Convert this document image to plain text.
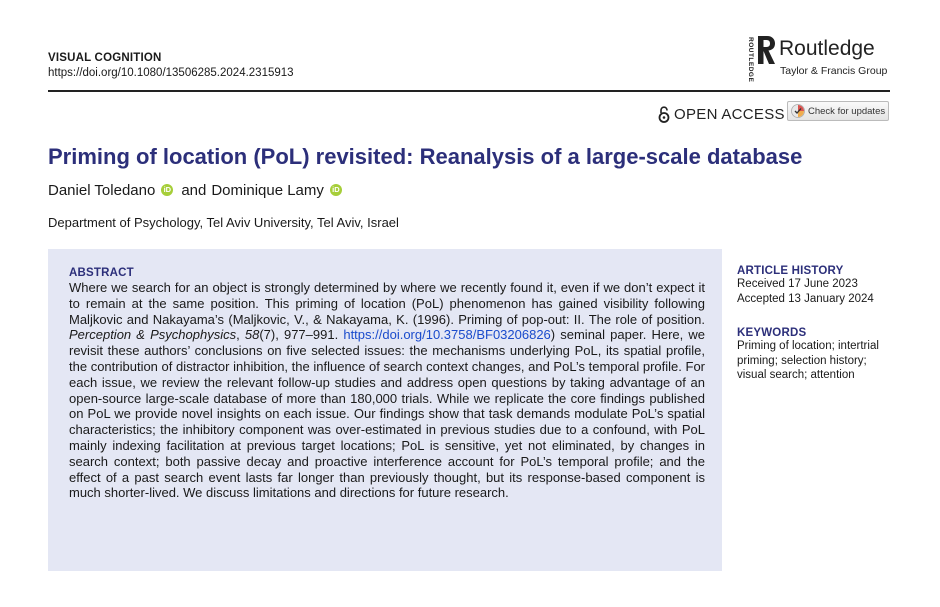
VISUAL COGNITION
https://doi.org/10.1080/13506285.2024.2315913	ROUTLEDGE Routledge
Taylor & Francis Group
OPEN ACCESS Check for updates
Priming of location (PoL) revisited: Reanalysis of a large-scale database
Daniel Toledano	iD and Dominique Lamy	iD
Department of Psychology, Tel Aviv University, Tel Aviv, Israel
ABSTRACT
Where we search for an object is strongly determined by where we recently found it, even if we don’t expect it to remain at the same position. This priming of location (PoL) phenomenon has gained visibility following Maljkovic and Nakayama’s (Maljkovic, V., & Nakayama, K. (1996). Priming of pop-out: II. The role of position. Perception & Psychophysics, 58(7), 977–991. https://doi.org/10.3758/BF03206826) seminal paper. Here, we revisit these authors’ conclusions on five selected issues: the mechanisms underlying PoL, its spatial profile, the contribution of distractor inhibition, the influence of search context changes, and PoL’s temporal profile. For each issue, we review the relevant follow-up studies and address open questions by taking advantage of an open-source large-scale database of more than 180,000 trials. While we replicate the core findings published on PoL we provide novel insights on each issue. Our findings show that task demands modulate PoL’s spatial characteristics; the inhibitory component was over-estimated in previous studies due to a confound, with PoL mainly indexing facilitation at previous target locations; PoL is sensitive, yet not eliminated, by changes in search context; both passive decay and proactive interference account for PoL’s temporal profile; and the effect of a past search event lasts far longer than previously thought, but its response-based component is much shorter-lived. We discuss limitations and directions for future research.
ARTICLE HISTORY
Received 17 June 2023
Accepted 13 January 2024
KEYWORDS
Priming of location; intertrial priming; selection history; visual search; attention
